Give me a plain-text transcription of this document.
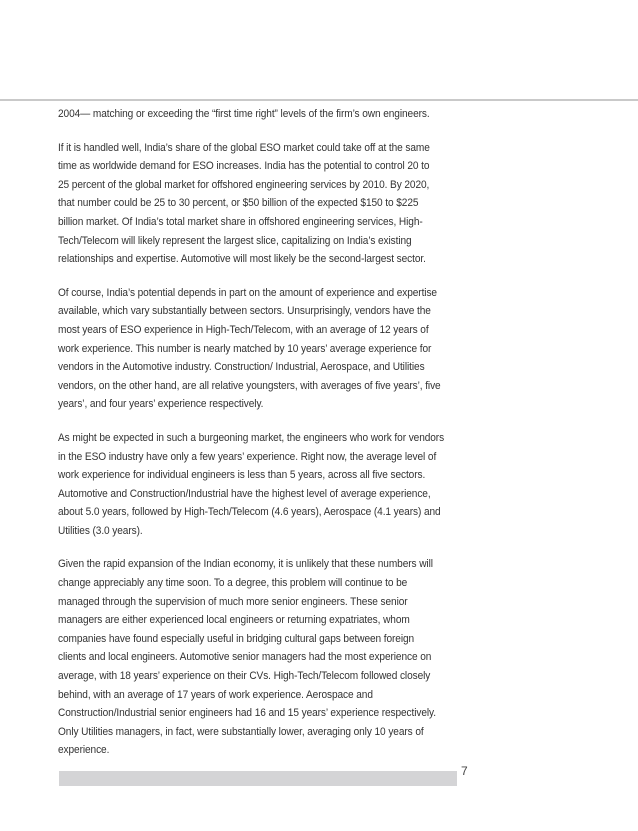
2004— matching or exceeding the “first time right” levels of the firm’s own engineers.
If it is handled well, India’s share of the global ESO market could take off at the same
time as worldwide demand for ESO increases. India has the potential to control 20 to
25 percent of the global market for offshored engineering services by 2010. By 2020,
that number could be 25 to 30 percent, or $50 billion of the expected $150 to $225
billion market. Of India’s total market share in offshored engineering services, High-
Tech/Telecom will likely represent the largest slice, capitalizing on India’s existing
relationships and expertise. Automotive will most likely be the second-largest sector.
Of course, India’s potential depends in part on the amount of experience and expertise
available, which vary substantially between sectors. Unsurprisingly, vendors have the
most years of ESO experience in High-Tech/Telecom, with an average of 12 years of
work experience. This number is nearly matched by 10 years’ average experience for
vendors in the Automotive industry. Construction/ Industrial, Aerospace, and Utilities
vendors, on the other hand, are all relative youngsters, with averages of five years’, five
years’, and four years’ experience respectively.
As might be expected in such a burgeoning market, the engineers who work for vendors
in the ESO industry have only a few years’ experience. Right now, the average level of
work experience for individual engineers is less than 5 years, across all five sectors.
Automotive and Construction/Industrial have the highest level of average experience,
about 5.0 years, followed by High-Tech/Telecom (4.6 years), Aerospace (4.1 years) and
Utilities (3.0 years).
Given the rapid expansion of the Indian economy, it is unlikely that these numbers will
change appreciably any time soon. To a degree, this problem will continue to be
managed through the supervision of much more senior engineers. These senior
managers are either experienced local engineers or returning expatriates, whom
companies have found especially useful in bridging cultural gaps between foreign
clients and local engineers. Automotive senior managers had the most experience on
average, with 18 years’ experience on their CVs. High-Tech/Telecom followed closely
behind, with an average of 17 years of work experience. Aerospace and
Construction/Industrial senior engineers had 16 and 15 years’ experience respectively.
Only Utilities managers, in fact, were substantially lower, averaging only 10 years of
experience.
7
